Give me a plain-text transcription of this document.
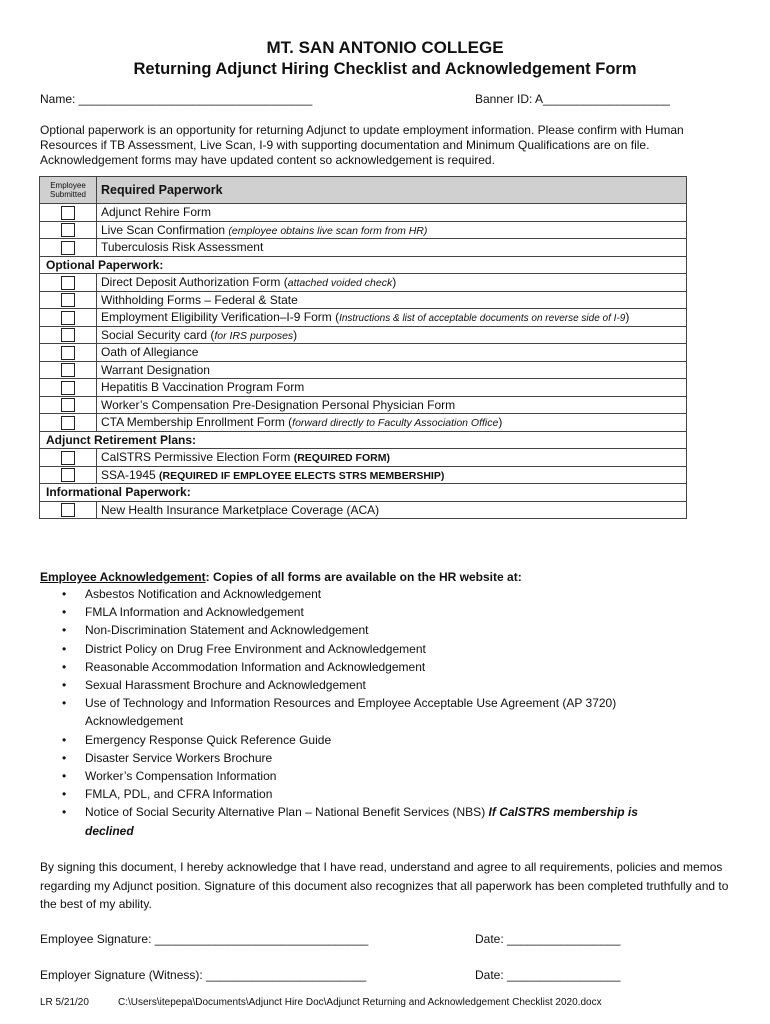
MT. SAN ANTONIO COLLEGE
Returning Adjunct Hiring Checklist and Acknowledgement Form
Name: ___________________________________	Banner ID: A___________________
Optional paperwork is an opportunity for returning Adjunct to update employment information. Please confirm with Human Resources if TB Assessment, Live Scan, I-9 with supporting documentation and Minimum Qualifications are on file. Acknowledgement forms may have updated content so acknowledgement is required.
Employee
Submitted	Required Paperwork
	Adjunct Rehire Form
	Live Scan Confirmation (employee obtains live scan form from HR)
	Tuberculosis Risk Assessment
Optional Paperwork:	
	Direct Deposit Authorization Form (attached voided check)
	Withholding Forms – Federal & State
	Employment Eligibility Verification–I-9 Form (Instructions & list of acceptable documents on reverse side of I-9)
	Social Security card (for IRS purposes)
	Oath of Allegiance
	Warrant Designation
	Hepatitis B Vaccination Program Form
	Worker’s Compensation Pre-Designation Personal Physician Form
	CTA Membership Enrollment Form (forward directly to Faculty Association Office)
Adjunct Retirement Plans:	
	CalSTRS Permissive Election Form (REQUIRED FORM)
	SSA-1945 (REQUIRED IF EMPLOYEE ELECTS STRS MEMBERSHIP)
Informational Paperwork:	
	New Health Insurance Marketplace Coverage (ACA)
Employee Acknowledgement: Copies of all forms are available on the HR website at:
• Asbestos Notification and Acknowledgement
• FMLA Information and Acknowledgement
• Non-Discrimination Statement and Acknowledgement
• District Policy on Drug Free Environment and Acknowledgement
• Reasonable Accommodation Information and Acknowledgement
• Sexual Harassment Brochure and Acknowledgement
• Use of Technology and Information Resources and Employee Acceptable Use Agreement (AP 3720) Acknowledgement
• Emergency Response Quick Reference Guide
• Disaster Service Workers Brochure
• Worker’s Compensation Information
• FMLA, PDL, and CFRA Information
• Notice of Social Security Alternative Plan – National Benefit Services (NBS) If CalSTRS membership is declined
By signing this document, I hereby acknowledge that I have read, understand and agree to all requirements, policies and memos regarding my Adjunct position. Signature of this document also recognizes that all paperwork has been completed truthfully and to the best of my ability.
Employee Signature: ________________________________	Date: _________________
Employer Signature (Witness): ________________________	Date: _________________
LR 5/21/20	C:\Users\itepepa\Documents\Adjunct Hire Doc\Adjunct Returning and Acknowledgement Checklist 2020.docx
